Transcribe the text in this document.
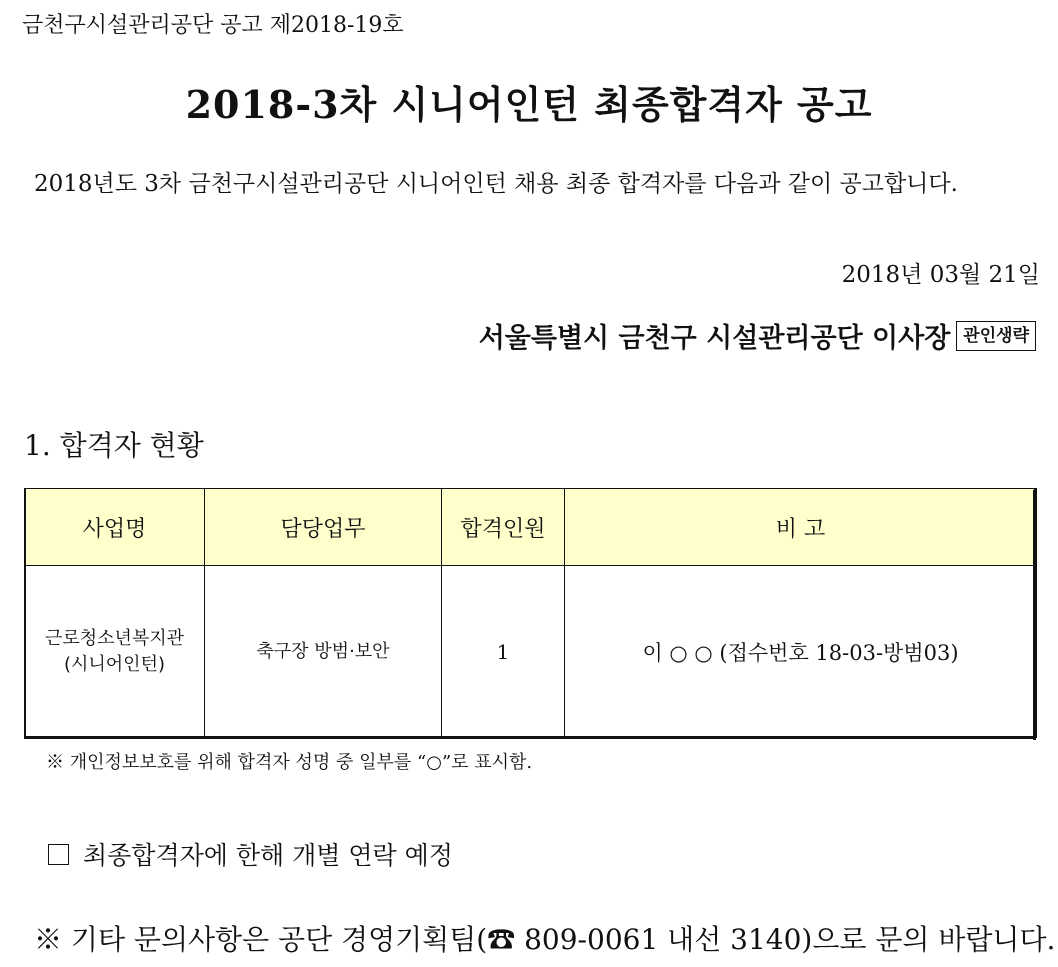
금천구시설관리공단 공고 제2018-19호
2018-3차 시니어인턴 최종합격자 공고
2018년도 3차 금천구시설관리공단 시니어인턴 채용 최종 합격자를 다음과 같이 공고합니다.
2018년 03월 21일
서울특별시 금천구 시설관리공단 이사장 관인생략
1. 합격자 현황
사업명	담당업무	합격인원	비 고

근로청소년복지관
(시니어인턴)	축구장 방범·보안	1	이 ○ ○ (접수번호 18-03-방범03)
※ 개인정보보호를 위해 합격자 성명 중 일부를 “○”로 표시함.
최종합격자에 한해 개별 연락 예정
※ 기타 문의사항은 공단 경영기획팀(☎ 809-0061 내선 3140)으로 문의 바랍니다.
